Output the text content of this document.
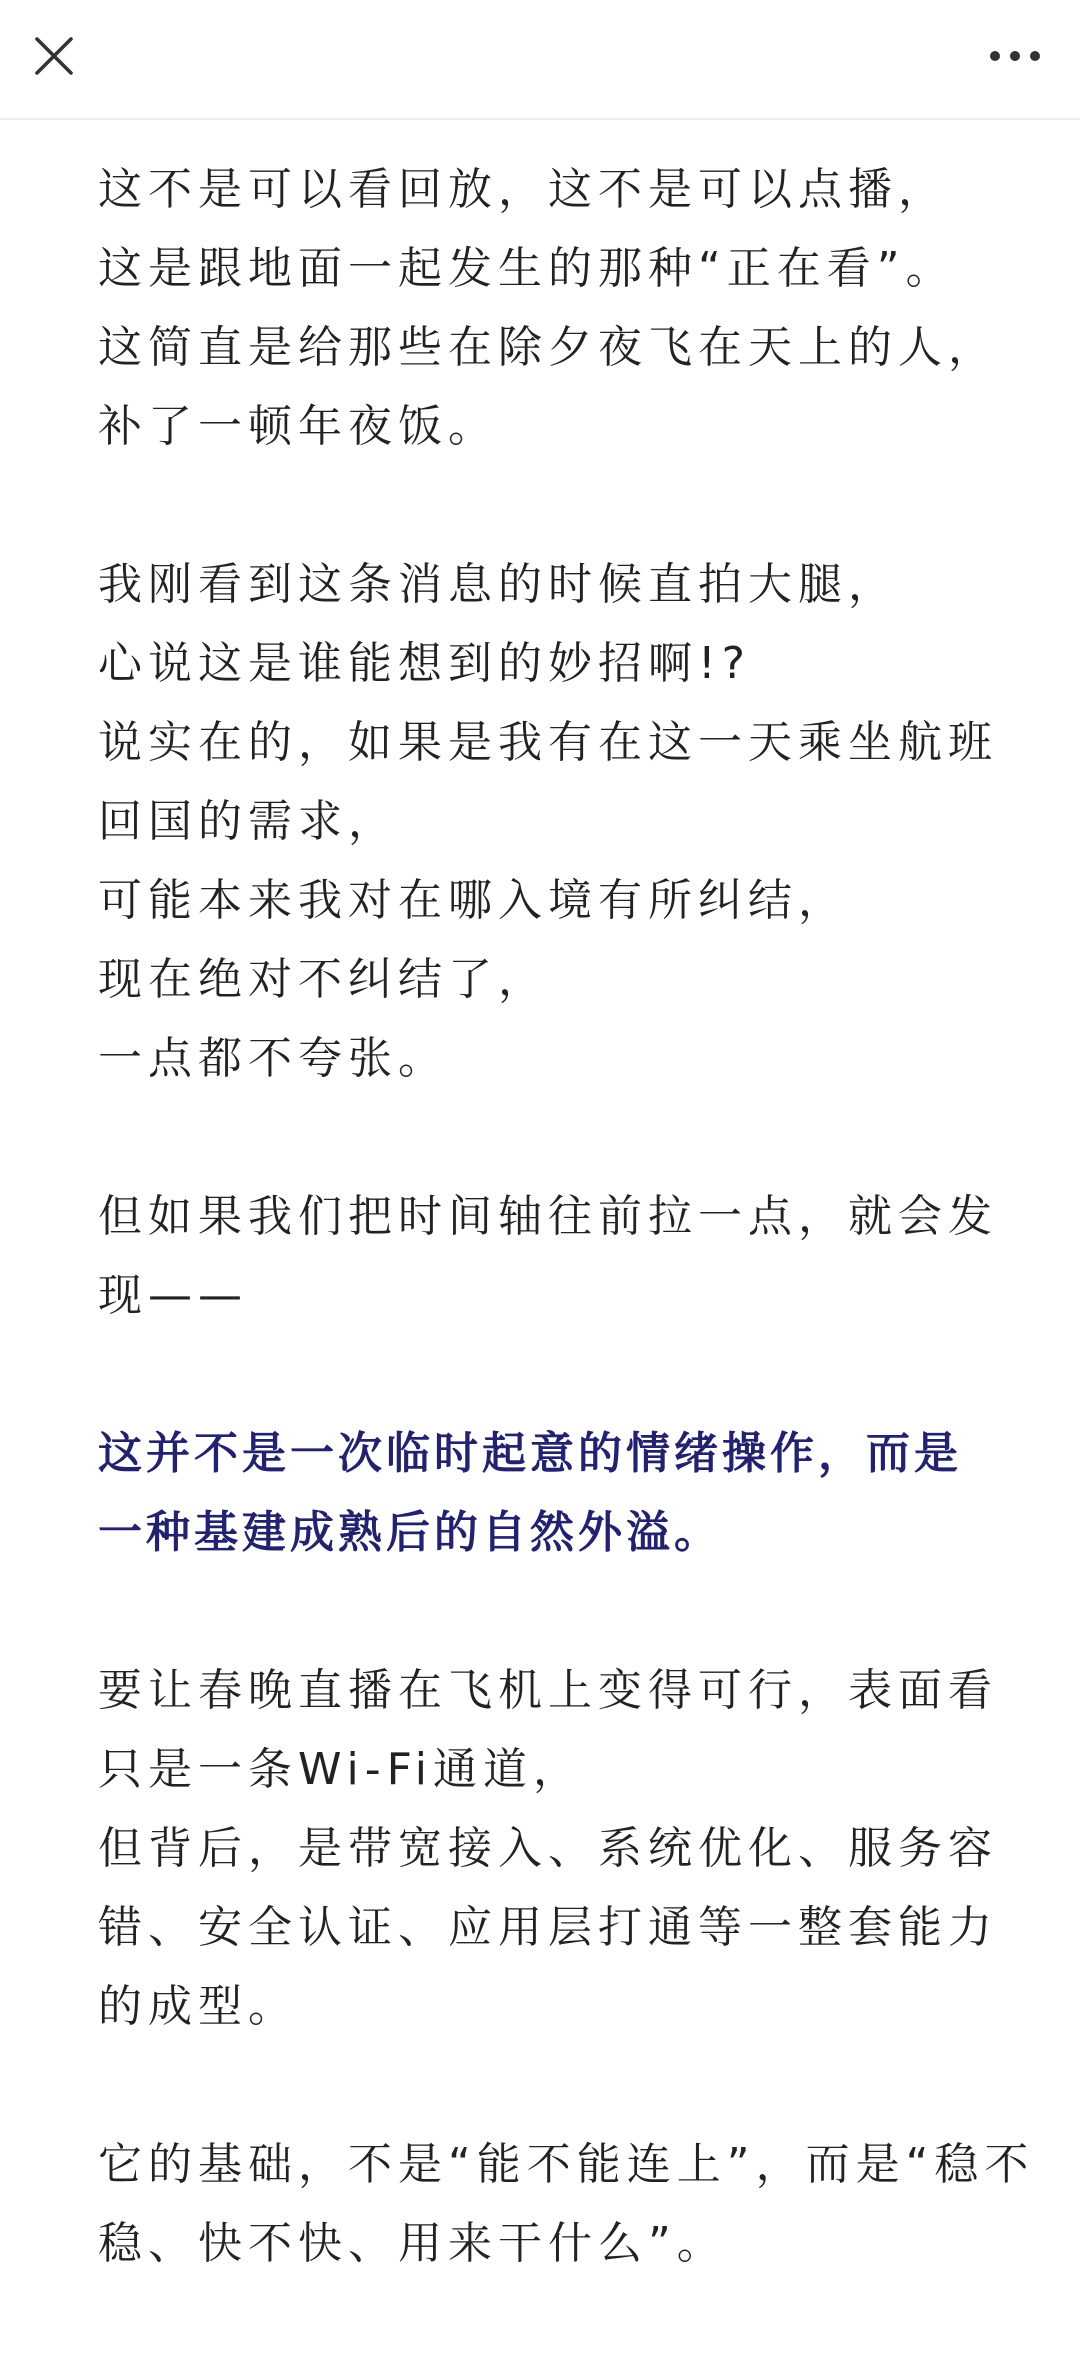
这不是可以看回放，这不是可以点播，
这是跟地面一起发生的那种“正在看”。
这简直是给那些在除夕夜飞在天上的人，
补了一顿年夜饭。
我刚看到这条消息的时候直拍大腿，
心说这是谁能想到的妙招啊!?
说实在的，如果是我有在这一天乘坐航班
回国的需求，
可能本来我对在哪入境有所纠结，
现在绝对不纠结了，
一点都不夸张。
但如果我们把时间轴往前拉一点，就会发
现——
这并不是一次临时起意的情绪操作，而是
一种基建成熟后的自然外溢。
要让春晚直播在飞机上变得可行，表面看
只是一条Wi-Fi通道，
但背后，是带宽接入、系统优化、服务容
错、安全认证、应用层打通等一整套能力
的成型。
它的基础，不是“能不能连上”，而是“稳不
稳、快不快、用来干什么”。
